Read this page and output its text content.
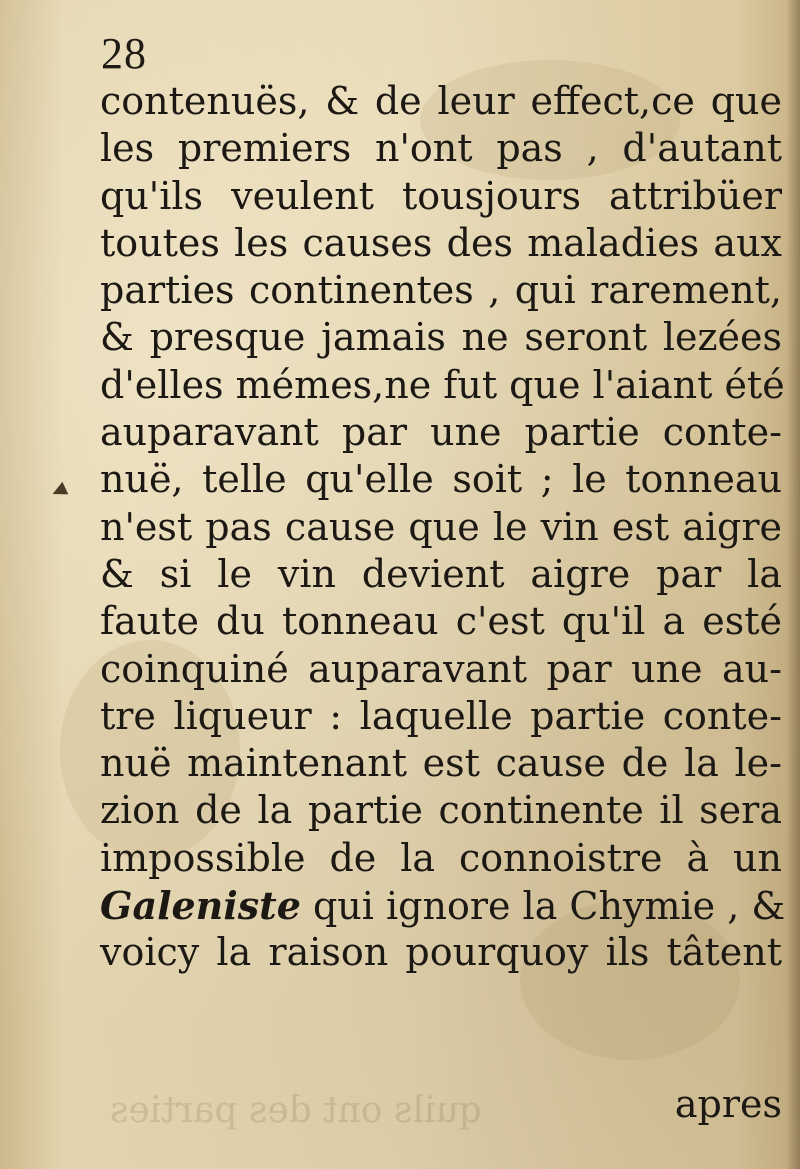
28
contenuës, & de leur effect,ce que
les premiers n'ont pas , d'autant
qu'ils veulent tousjours attribüer
toutes les causes des maladies aux
parties continentes , qui rarement,
& presque jamais ne seront lezées
d'elles mémes,ne fut que l'aiant été
auparavant par une partie conte-
nuë, telle qu'elle soit ; le tonneau
n'est pas cause que le vin est aigre
& si le vin devient aigre par la
faute du tonneau c'est qu'il a esté
coinquiné auparavant par une au-
tre liqueur : laquelle partie conte-
nuë maintenant est cause de la le-
zion de la partie continente il sera
impossible de la connoistre à un
Galeniste qui ignore la Chymie , &
voicy la raison pourquoy ils tâtent
quils ont des parties	apres
